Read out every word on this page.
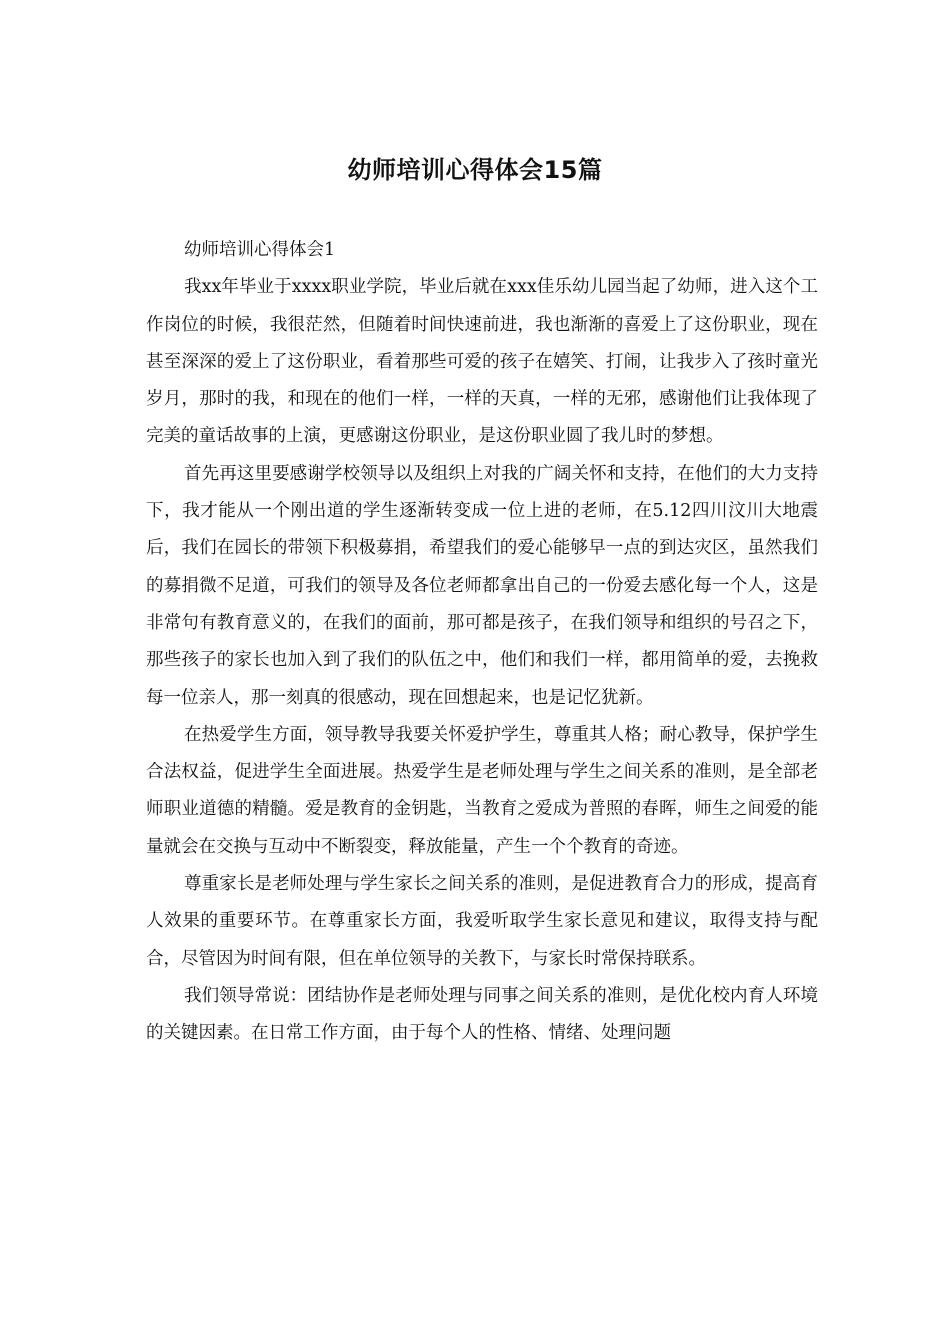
幼师培训心得体会15篇

幼师培训心得体会1

我xx年毕业于xxxx职业学院，毕业后就在xxx佳乐幼儿园当起了幼师，进入这个工作岗位的时候，我很茫然，但随着时间快速前进，我也渐渐的喜爱上了这份职业，现在甚至深深的爱上了这份职业，看着那些可爱的孩子在嬉笑、打闹，让我步入了孩时童光岁月，那时的我，和现在的他们一样，一样的天真，一样的无邪，感谢他们让我体现了完美的童话故事的上演，更感谢这份职业，是这份职业圆了我儿时的梦想。

首先再这里要感谢学校领导以及组织上对我的广阔关怀和支持，在他们的大力支持下，我才能从一个刚出道的学生逐渐转变成一位上进的老师，在5.12四川汶川大地震后，我们在园长的带领下积极募捐，希望我们的爱心能够早一点的到达灾区，虽然我们的募捐微不足道，可我们的领导及各位老师都拿出自己的一份爱去感化每一个人，这是非常句有教育意义的，在我们的面前，那可都是孩子，在我们领导和组织的号召之下，那些孩子的家长也加入到了我们的队伍之中，他们和我们一样，都用简单的爱，去挽救每一位亲人，那一刻真的很感动，现在回想起来，也是记忆犹新。

在热爱学生方面，领导教导我要关怀爱护学生，尊重其人格；耐心教导，保护学生合法权益，促进学生全面进展。热爱学生是老师处理与学生之间关系的准则，是全部老师职业道德的精髓。爱是教育的金钥匙，当教育之爱成为普照的春晖，师生之间爱的能量就会在交换与互动中不断裂变，释放能量，产生一个个教育的奇迹。

尊重家长是老师处理与学生家长之间关系的准则，是促进教育合力的形成，提高育人效果的重要环节。在尊重家长方面，我爱听取学生家长意见和建议，取得支持与配合，尽管因为时间有限，但在单位领导的关教下，与家长时常保持联系。

我们领导常说：团结协作是老师处理与同事之间关系的准则，是优化校内育人环境的关键因素。在日常工作方面，由于每个人的性格、情绪、处理问题
